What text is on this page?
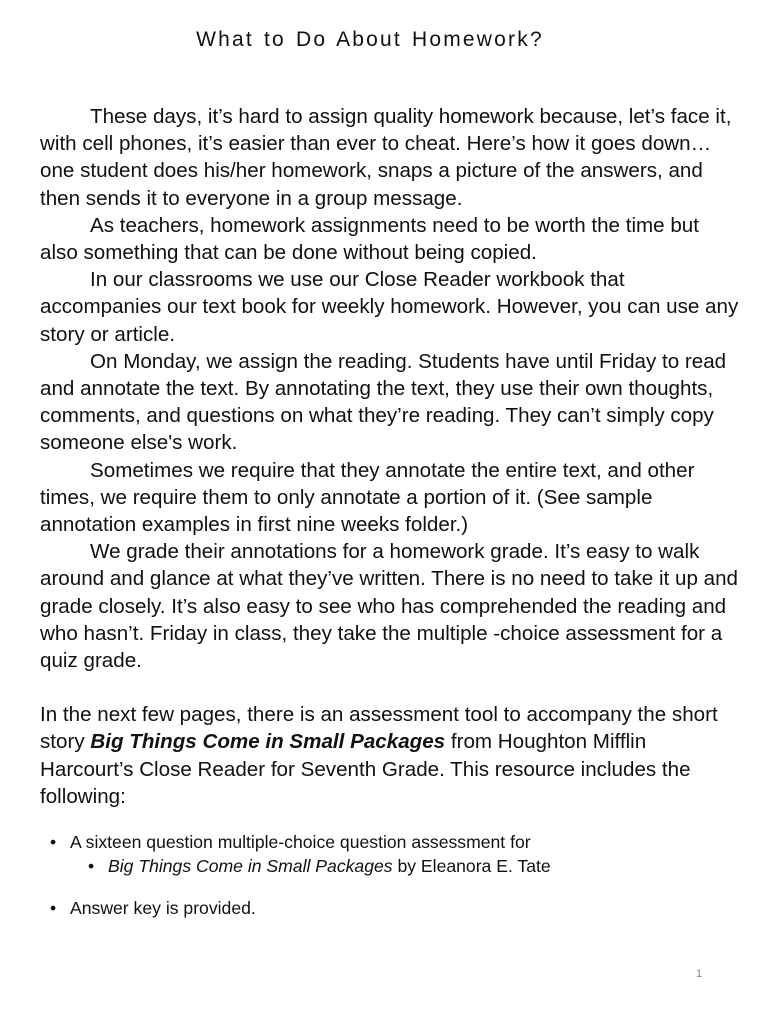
What to Do About Homework?

These days, it’s hard to assign quality homework because, let’s face it, with cell phones, it’s easier than ever to cheat. Here’s how it goes down… one student does his/her homework, snaps a picture of the answers, and then sends it to everyone in a group message.

As teachers, homework assignments need to be worth the time but also something that can be done without being copied.

In our classrooms we use our Close Reader workbook that accompanies our text book for weekly homework. However, you can use any story or article.

On Monday, we assign the reading. Students have until Friday to read and annotate the text. By annotating the text, they use their own thoughts, comments, and questions on what they’re reading. They can’t simply copy someone else's work.

Sometimes we require that they annotate the entire text, and other times, we require them to only annotate a portion of it. (See sample annotation examples in first nine weeks folder.)

We grade their annotations for a homework grade. It’s easy to walk around and glance at what they’ve written. There is no need to take it up and grade closely. It’s also easy to see who has comprehended the reading and who hasn’t. Friday in class, they take the multiple -choice assessment for a quiz grade.

In the next few pages, there is an assessment tool to accompany the short story Big Things Come in Small Packages from Houghton Mifflin Harcourt’s Close Reader for Seventh Grade. This resource includes the following:

• A sixteen question multiple-choice question assessment for
• Big Things Come in Small Packages by Eleanora E. Tate
• Answer key is provided.
1
